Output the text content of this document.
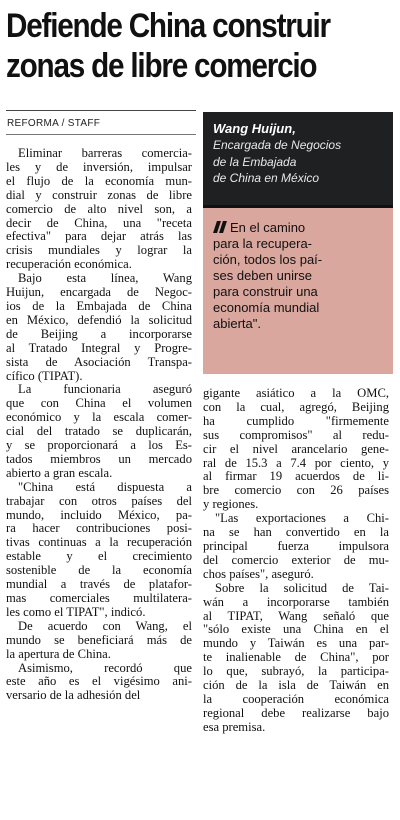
Defiende China construir
zonas de libre comercio
REFORMA / STAFF

Eliminar barreras comercia-
les y de inversión, impulsar
el flujo de la economía mun-
dial y construir zonas de libre
comercio de alto nivel son, a
decir de China, una "receta
efectiva" para dejar atrás las
crisis mundiales y lograr la
recuperación económica.

Bajo esta línea, Wang
Huijun, encargada de Negoc-
ios de la Embajada de China
en México, defendió la solicitud
de Beijing a incorporarse
al Tratado Integral y Progre-
sista de Asociación Transpa-
cífico (TIPAT).

La funcionaria aseguró
que con China el volumen
económico y la escala comer-
cial del tratado se duplicarán,
y se proporcionará a los Es-
tados miembros un mercado
abierto a gran escala.

"China está dispuesta a
trabajar con otros países del
mundo, incluido México, pa-
ra hacer contribuciones posi-
tivas continuas a la recuperación
estable y el crecimiento
sostenible de la economía
mundial a través de platafor-
mas comerciales multilatera-
les como el TIPAT", indicó.

De acuerdo con Wang, el
mundo se beneficiará más de
la apertura de China.

Asimismo, recordó que
este año es el vigésimo ani-
versario de la adhesión del

Wang Huijun,
Encargada de Negocios
de la Embajada
de China en México
En el camino
para la recupera-
ción, todos los paí-
ses deben unirse
para construir una
economía mundial
abierta".

gigante asiático a la OMC,
con la cual, agregó, Beijing
ha cumplido "firmemente
sus compromisos" al redu-
cir el nivel arancelario gene-
ral de 15.3 a 7.4 por ciento, y
al firmar 19 acuerdos de li-
bre comercio con 26 países
y regiones.

"Las exportaciones a Chi-
na se han convertido en la
principal fuerza impulsora
del comercio exterior de mu-
chos países", aseguró.

Sobre la solicitud de Tai-
wán a incorporarse también
al TIPAT, Wang señaló que
"sólo existe una China en el
mundo y Taiwán es una par-
te inalienable de China", por
lo que, subrayó, la participa-
ción de la isla de Taiwán en
la cooperación económica
regional debe realizarse bajo
esa premisa.
